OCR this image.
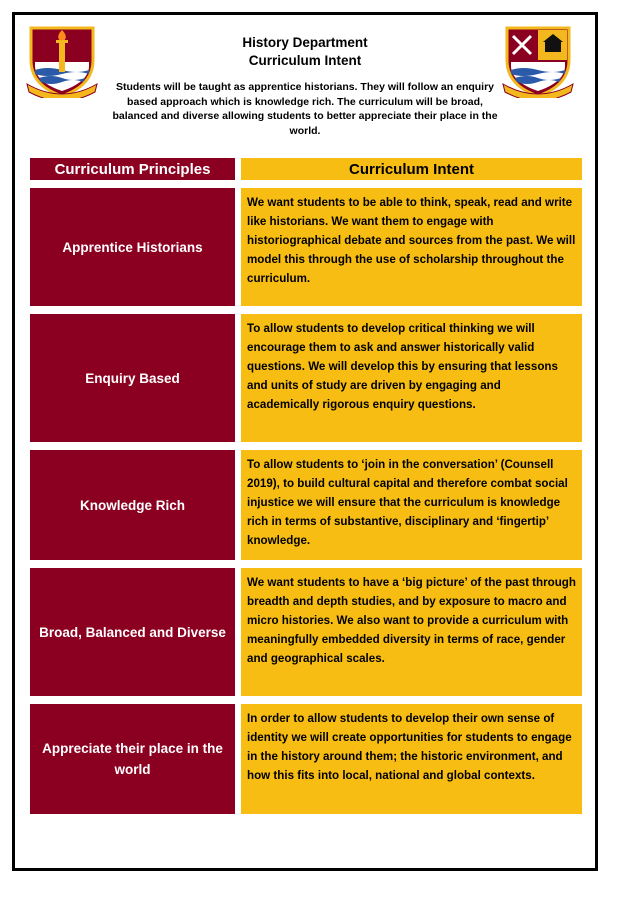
History Department
Curriculum Intent
Students will be taught as apprentice historians. They will follow an enquiry based approach which is knowledge rich. The curriculum will be broad, balanced and diverse allowing students to better appreciate their place in the world.
Curriculum Principles	Curriculum Intent
Apprentice Historians
We want students to be able to think, speak, read and write like historians. We want them to engage with historiographical debate and sources from the past. We will model this through the use of scholarship throughout the curriculum.
Enquiry Based
To allow students to develop critical thinking we will encourage them to ask and answer historically valid questions. We will develop this by ensuring that lessons and units of study are driven by engaging and academically rigorous enquiry questions.
Knowledge Rich
To allow students to ‘join in the conversation’ (Counsell 2019), to build cultural capital and therefore combat social injustice we will ensure that the curriculum is knowledge rich in terms of substantive, disciplinary and ‘fingertip’ knowledge.
Broad, Balanced and Diverse
We want students to have a ‘big picture’ of the past through breadth and depth studies, and by exposure to macro and micro histories. We also want to provide a curriculum with meaningfully embedded diversity in terms of race, gender and geographical scales.
Appreciate their place in the world
In order to allow students to develop their own sense of identity we will create opportunities for students to engage in the history around them; the historic environment, and how this fits into local, national and global contexts.
